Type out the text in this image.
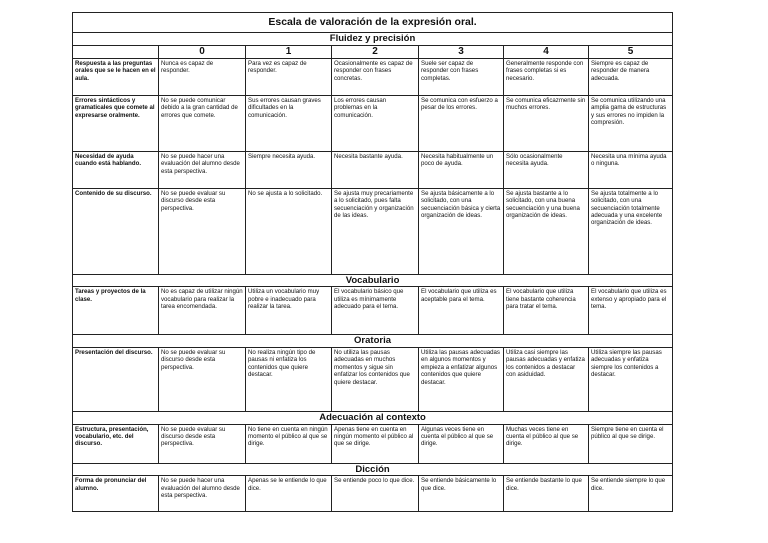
Escala de valoración de la expresión oral.						
Fluidez y precisión						
	0	1	2	3	4	5
Respuesta a las preguntas orales que se le hacen en el aula.	Nunca es capaz de responder.	Para vez es capaz de responder.	Ocasionalmente es capaz de responder con frases concretas.	Suele ser capaz de responder con frases completas.	Generalmente responde con frases completas si es necesario.	Siempre es capaz de responder de manera adecuada.
Errores sintácticos y gramaticales que comete al expresarse oralmente.	No se puede comunicar debido a la gran cantidad de errores que comete.	Sus errores causan graves dificultades en la comunicación.	Los errores causan problemas en la comunicación.	Se comunica con esfuerzo a pesar de los errores.	Se comunica eficazmente sin muchos errores.	Se comunica utilizando una amplia gama de estructuras y sus errores no impiden la compresión.
Necesidad de ayuda cuando está hablando.	No se puede hacer una evaluación del alumno desde esta perspectiva.	Siempre necesita ayuda.	Necesita bastante ayuda.	Necesita habitualmente un poco de ayuda.	Sólo ocasionalmente necesita ayuda.	Necesita una mínima ayuda o ninguna.
Contenido de su discurso.	No se puede evaluar su discurso desde esta perspectiva.	No se ajusta a lo solicitado.	Se ajusta muy precariamente a lo solicitado, pues falta secuenciación y organización de las ideas.	Se ajusta básicamente a lo solicitado, con una secuenciación básica y cierta organización de ideas.	Se ajusta bastante a lo solicitado, con una buena secuenciación y una buena organización de ideas.	Se ajusta totalmente a lo solicitado, con una secuenciación totalmente adecuada y una excelente organización de ideas.
Vocabulario						
Tareas y proyectos de la clase.	No es capaz de utilizar ningún vocabulario para realizar la tarea encomendada.	Utiliza un vocabulario muy pobre e inadecuado para realizar la tarea.	El vocabulario básico que utiliza es mínimamente adecuado para el tema.	El vocabulario que utiliza es aceptable para el tema.	El vocabulario que utiliza tiene bastante coherencia para tratar el tema.	El vocabulario que utiliza es extenso y apropiado para el tema.
Oratoria						
Presentación del discurso.	No se puede evaluar su discurso desde esta perspectiva.	No realiza ningún tipo de pausas ni enfatiza los contenidos que quiere destacar.	No utiliza las pausas adecuadas en muchos momentos y sigue sin enfatizar los contenidos que quiere destacar.	Utiliza las pausas adecuadas en algunos momentos y empieza a enfatizar algunos contenidos que quiere destacar.	Utiliza casi siempre las pausas adecuadas y enfatiza los contenidos a destacar con asiduidad.	Utiliza siempre las pausas adecuadas y enfatiza siempre los contenidos a destacar.
Adecuación al contexto						
Estructura, presentación, vocabulario, etc. del discurso.	No se puede evaluar su discurso desde esta perspectiva.	No tiene en cuenta en ningún momento el público al que se dirige.	Apenas tiene en cuenta en ningún momento el público al que se dirige.	Algunas veces tiene en cuenta el público al que se dirige.	Muchas veces tiene en cuenta el público al que se dirige.	Siempre tiene en cuenta el público al que se dirige.
Dicción						
Forma de pronunciar del alumno.	No se puede hacer una evaluación del alumno desde esta perspectiva.	Apenas se le entiende lo que dice.	Se entiende poco lo que dice.	Se entiende básicamente lo que dice.	Se entiende bastante lo que dice.	Se entiende siempre lo que dice.
